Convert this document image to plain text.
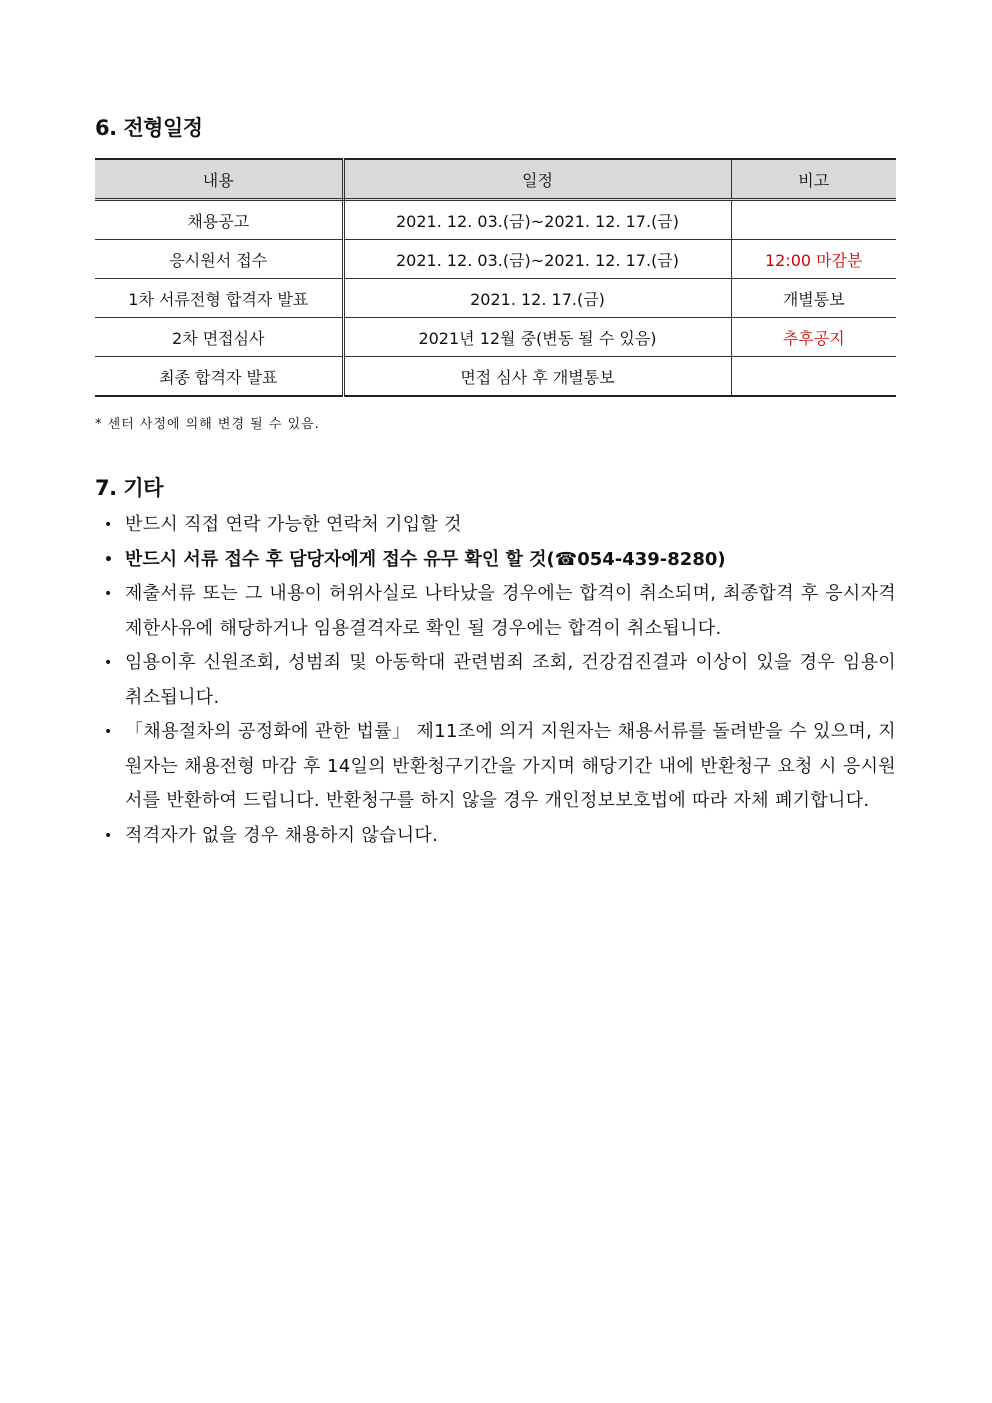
6. 전형일정
내용	일정	비고
채용공고	2021. 12. 03.(금)~2021. 12. 17.(금)	
응시원서 접수	2021. 12. 03.(금)~2021. 12. 17.(금)	12:00 마감분
1차 서류전형 합격자 발표	2021. 12. 17.(금)	개별통보
2차 면접심사	2021년 12월 중(변동 될 수 있음)	추후공지
최종 합격자 발표	면접 심사 후 개별통보	
* 센터 사정에 의해 변경 될 수 있음.
7. 기타
• 반드시 직접 연락 가능한 연락처 기입할 것
• 반드시 서류 접수 후 담당자에게 접수 유무 확인 할 것(☎054-439-8280)
• 제출서류 또는 그 내용이 허위사실로 나타났을 경우에는 합격이 취소되며, 최종합격 후 응시자격 제한사유에 해당하거나 임용결격자로 확인 될 경우에는 합격이 취소됩니다.
• 임용이후 신원조회, 성범죄 및 아동학대 관련범죄 조회, 건강검진결과 이상이 있을 경우 임용이 취소됩니다.
• 「채용절차의 공정화에 관한 법률」 제11조에 의거 지원자는 채용서류를 돌려받을 수 있으며, 지원자는 채용전형 마감 후 14일의 반환청구기간을 가지며 해당기간 내에 반환청구 요청 시 응시원서를 반환하여 드립니다. 반환청구를 하지 않을 경우 개인정보보호법에 따라 자체 폐기합니다.
• 적격자가 없을 경우 채용하지 않습니다.
